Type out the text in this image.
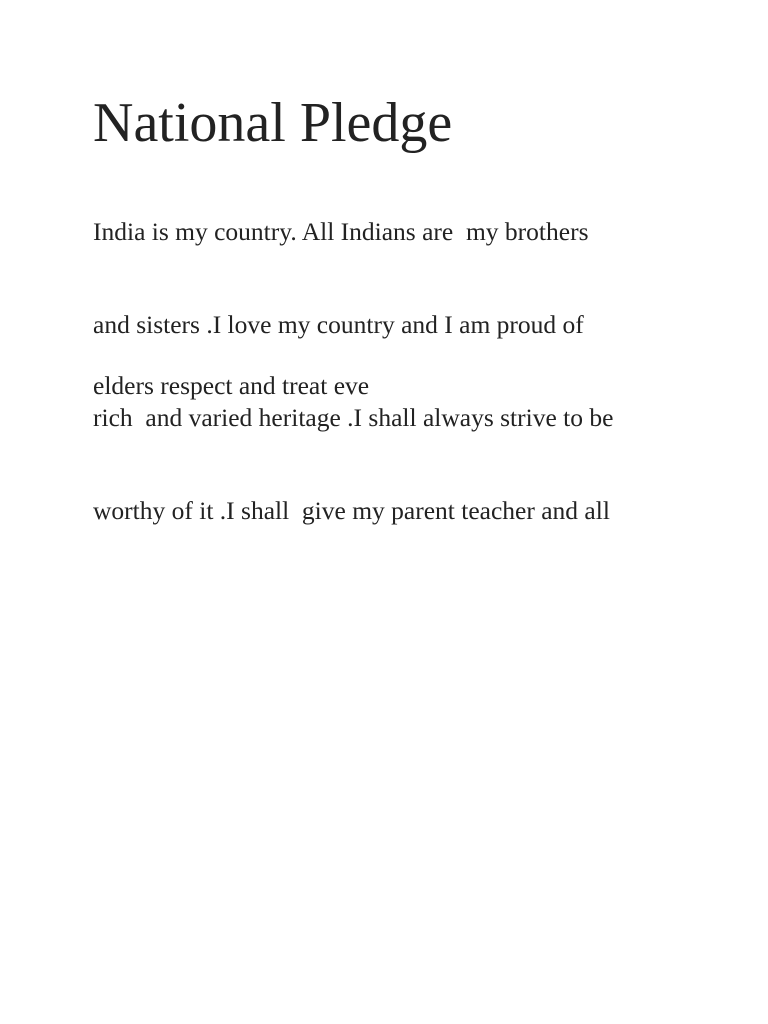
National Pledge

India is my country. All Indians are  my brothers

and sisters .I love my country and I am proud of

rich  and varied heritage .I shall always strive to be

worthy of it .I shall  give my parent teacher and all

elders respect and treat eve
